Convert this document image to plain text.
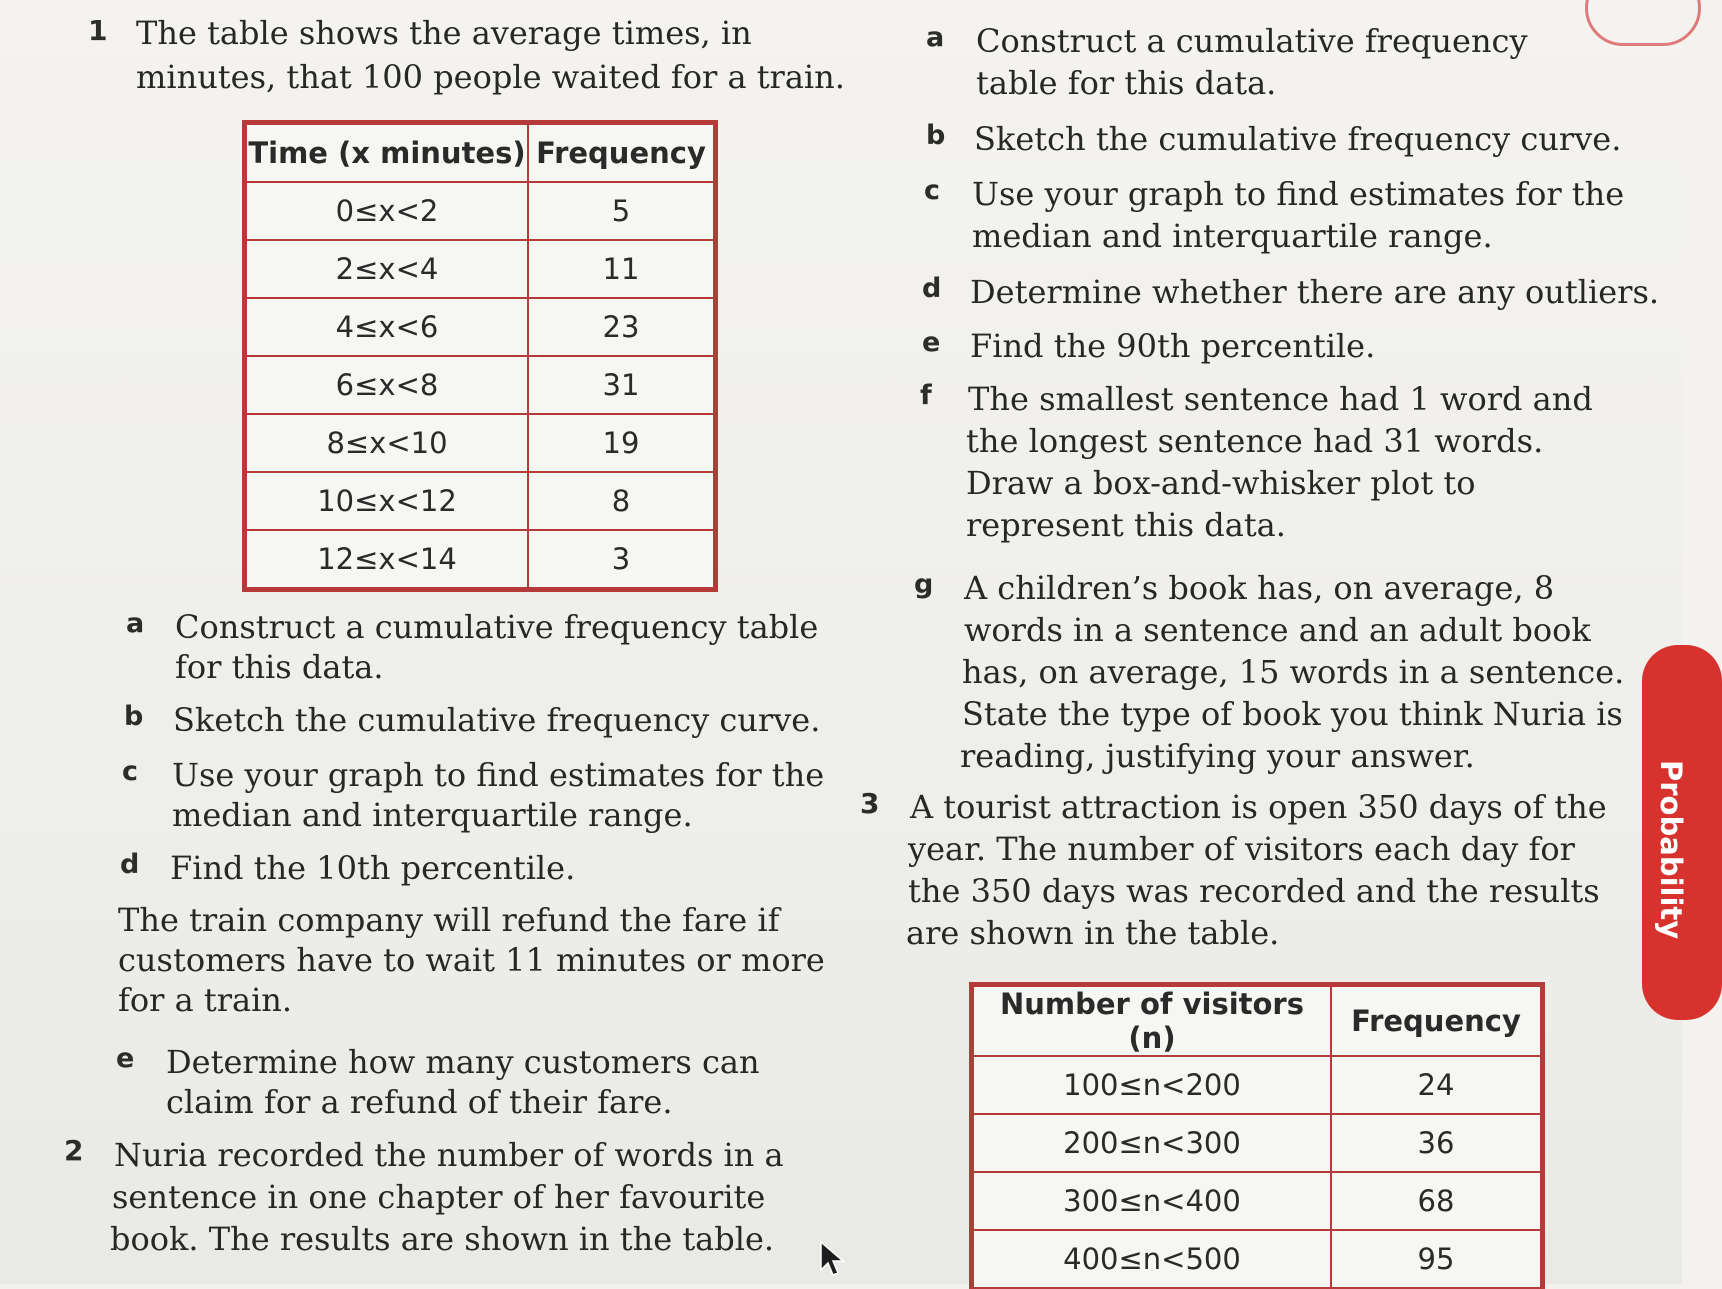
1 The table shows the average times, in
minutes, that 100 people waited for a train.
Time (x minutes)	Frequency
0≤x<2	5
2≤x<4	11
4≤x<6	23
6≤x<8	31
8≤x<10	19
10≤x<12	8
12≤x<14	3
a Construct a cumulative frequency table
for this data.
b Sketch the cumulative frequency curve.
c Use your graph to find estimates for the
median and interquartile range.
d Find the 10th percentile.
The train company will refund the fare if
customers have to wait 11 minutes or more
for a train.
e Determine how many customers can
claim for a refund of their fare.
2 Nuria recorded the number of words in a
sentence in one chapter of her favourite
book. The results are shown in the table.
a Construct a cumulative frequency
table for this data.
b Sketch the cumulative frequency curve.
c Use your graph to find estimates for the
median and interquartile range.
d Determine whether there are any outliers.
e Find the 90th percentile.
f The smallest sentence had 1 word and
the longest sentence had 31 words.
Draw a box-and-whisker plot to
represent this data.
g A children’s book has, on average, 8
words in a sentence and an adult book
has, on average, 15 words in a sentence.
State the type of book you think Nuria is
reading, justifying your answer.
3 A tourist attraction is open 350 days of the
year. The number of visitors each day for
the 350 days was recorded and the results
are shown in the table.
Number of visitors (n)	Frequency
100≤n<200	24
200≤n<300	36
300≤n<400	68
400≤n<500	95
Probability
